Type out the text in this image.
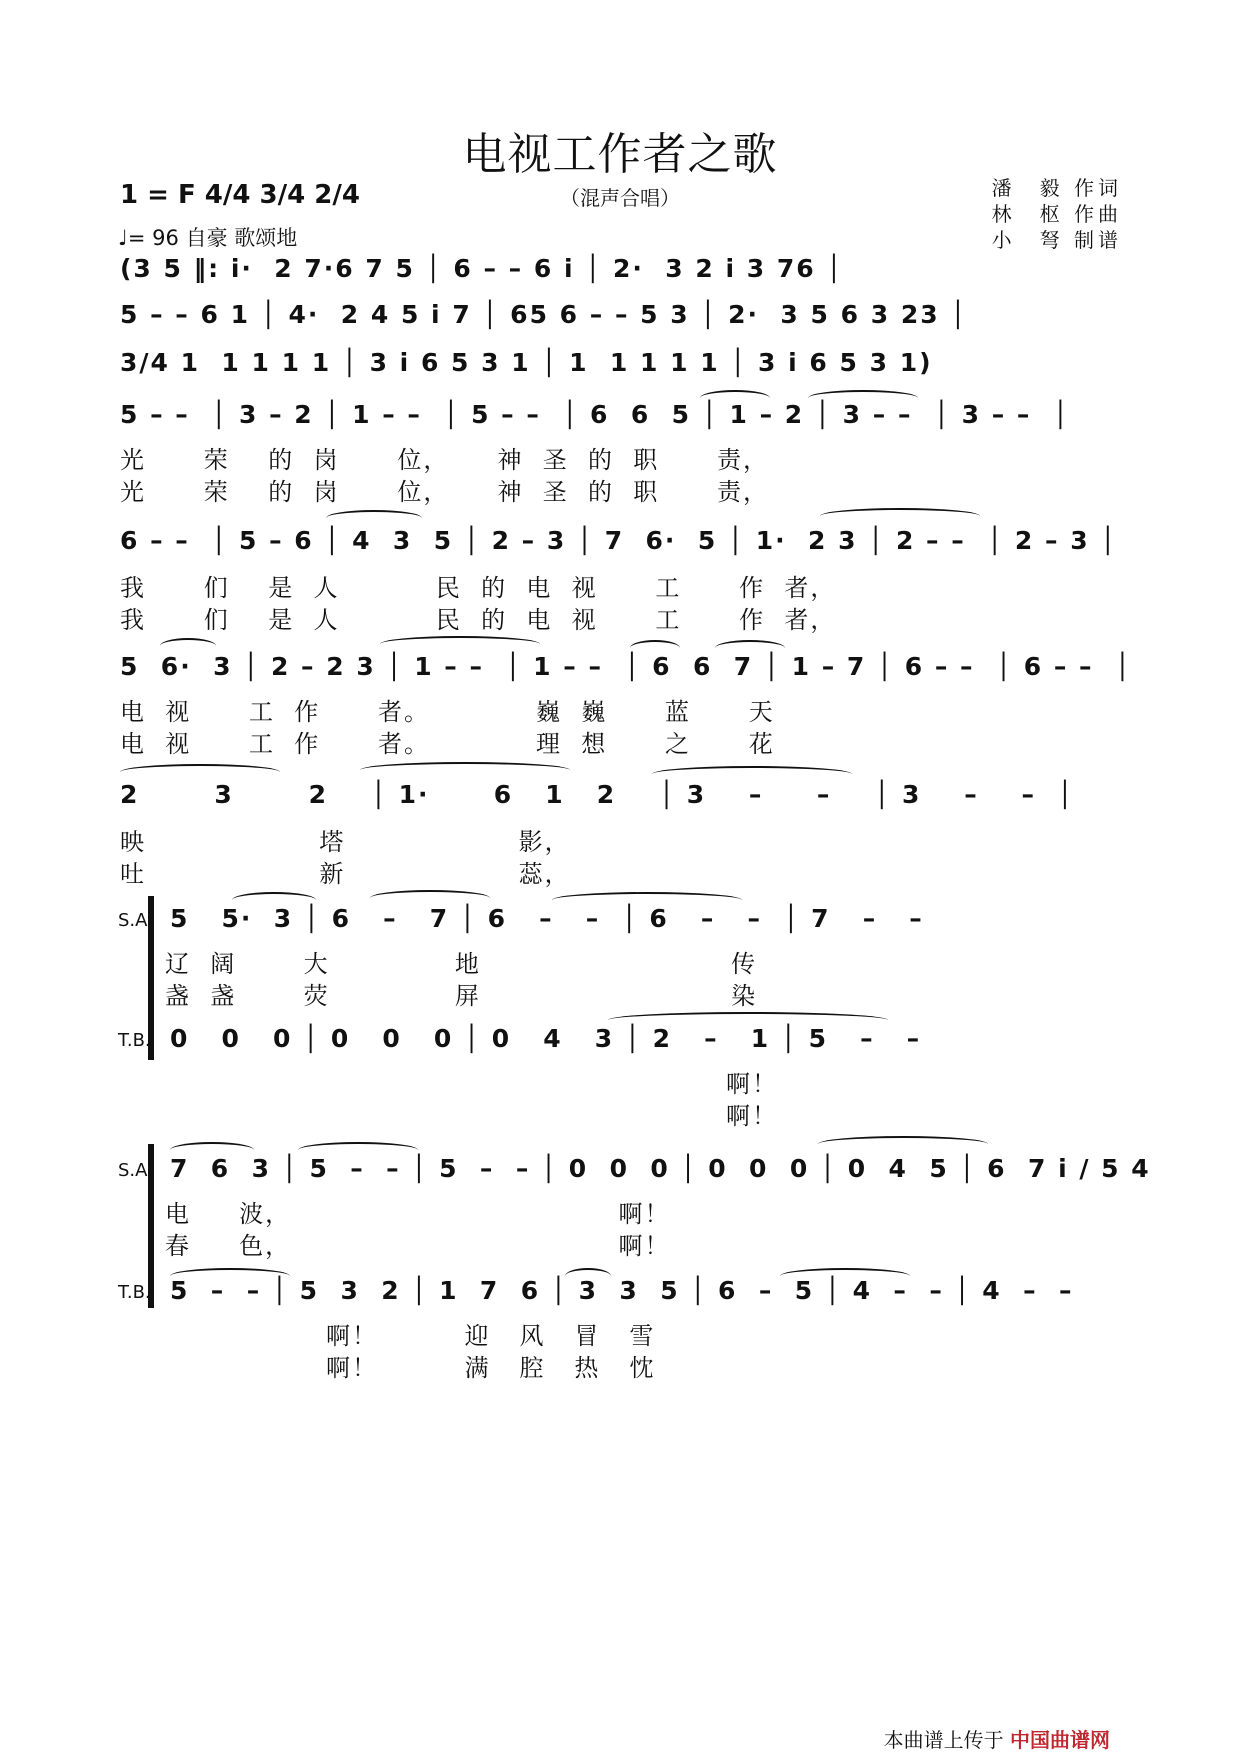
电视工作者之歌
（混声合唱）
1 = F 4/4 3/4 2/4
♩= 96 自豪 歌颂地
潘　毅 作词
林　枢 作曲
小　弩 制谱
(3 5 ‖: i·  2 7·6 7 5 │ 6 – – 6 i │ 2·  3 2 i 3 76 │
5 – – 6 1 │ 4·  2 4 5 i 7 │ 65 6 – – 5 3 │ 2·  3 5 6 3 23 │
3/4 1  1 1 1 1 │ 3 i 6 5 3 1 │ 1  1 1 1 1 │ 3 i 6 5 3 1)
5 – –  │ 3 – 2 │ 1 – –  │ 5 – –  │ 6  6  5 │ 1 – 2 │ 3 – –  │ 3 – –  │
光      荣    的  岗      位，     神  圣  的  职      责，
光      荣    的  岗      位，     神  圣  的  职      责，
6 – –  │ 5 – 6 │ 4  3  5 │ 2 – 3 │ 7  6·  5 │ 1·  2 3 │ 2 – –  │ 2 – 3 │
我      们    是  人          民  的  电  视      工      作  者，
我      们    是  人          民  的  电  视      工      作  者，
5  6·  3 │ 2 – 2 3 │ 1 – –  │ 1 – –  │ 6  6  7 │ 1 – 7 │ 6 – –  │ 6 – –  │
电  视      工  作      者。           巍  巍      蓝      天
电  视      工  作      者。           理  想      之      花
2       3       2    │ 1·      6   1   2    │ 3    –     –    │ 3    –    –  │
映                  塔                  影，
吐                  新                  蕊，
S.A. 5   5·  3 │ 6   –   7 │ 6   –   –  │ 6   –   –  │ 7   –   –
辽  阔       大             地                          传
盏  盏       荧             屏                          染
T.B. 0   0   0 │ 0   0   0 │ 0   4   3 │ 2   –   1 │ 5   –   –
啊！
啊！
S.A. 7  6  3 │ 5  –  – │ 5  –  – │ 0  0  0 │ 0  0  0 │ 0  4  5 │ 6  7 i / 5 4
电     波，                                  啊！
春     色，                                  啊！
T.B. 5  –  – │ 5  3  2 │ 1  7  6 │ 3  3  5 │ 6  –  5 │ 4  –  – │ 4  –  –
啊！         迎   风   冒   雪
啊！         满   腔   热   忱
本曲谱上传于 中国曲谱网
